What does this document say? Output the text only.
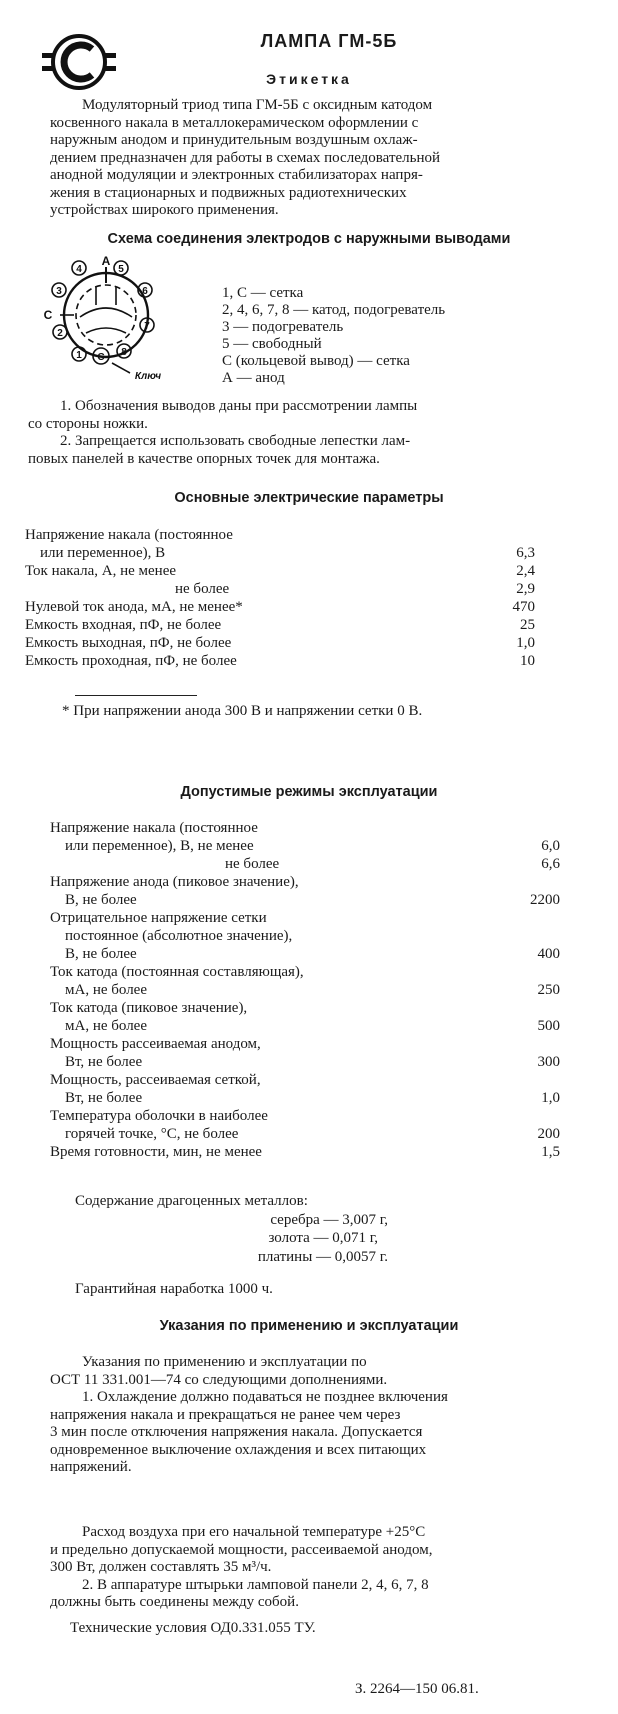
ЛАМПА ГМ-5Б
Этикетка

Модуляторный триод типа ГМ-5Б с оксидным катодом

косвенного накала в металлокерамическом оформлении с

наружным анодом и принудительным воздушным охлаж-

дением предназначен для работы в схемах последовательной

анодной модуляции и электронных стабилизаторах напря-

жения в стационарных и подвижных радиотехнических

устройствах широкого применения.

Схема соединения электродов с наружными выводами
А
С
1
2
3
4	5
6
7
8
С
Ключ
1, С — сетка
2, 4, 6, 7, 8 — катод, подогреватель
3 — подогреватель
5 — свободный
С (кольцевой вывод) — сетка
А — анод

1. Обозначения выводов даны при рассмотрении лампы

со стороны ножки.

2. Запрещается использовать свободные лепестки лам-

повых панелей в качестве опорных точек для монтажа.

Основные электрические параметры
Напряжение накала (постоянное
или переменное), В	6,3
Ток накала, А, не менее	2,4
не более	2,9
Нулевой ток анода, мА, не менее*	470
Емкость входная, пФ, не более	25
Емкость выходная, пФ, не более	1,0
Емкость проходная, пФ, не более	10
* При напряжении анода 300 В и напряжении сетки 0 В.
Допустимые режимы эксплуатации
Напряжение накала (постоянное
или переменное), В, не менее	6,0
не более	6,6
Напряжение анода (пиковое значение),
В, не более	2200
Отрицательное напряжение сетки
постоянное (абсолютное значение),
В, не более	400
Ток катода (постоянная составляющая),
мА, не более	250
Ток катода (пиковое значение),
мА, не более	500
Мощность рассеиваемая анодом,
Вт, не более	300
Мощность, рассеиваемая сеткой,
Вт, не более	1,0
Температура оболочки в наиболее
горячей точке, °С, не более	200
Время готовности, мин, не менее	1,5
Содержание драгоценных металлов:
серебра — 3,007 г,
золота — 0,071 г,
платины — 0,0057 г.
Гарантийная наработка 1000 ч.
Указания по применению и эксплуатации

Указания по применению и эксплуатации по

ОСТ 11 331.001—74 со следующими дополнениями.

1. Охлаждение должно подаваться не позднее включения

напряжения накала и прекращаться не ранее чем через

3 мин после отключения напряжения накала. Допускается

одновременное выключение охлаждения и всех питающих

напряжений.

Расход воздуха при его начальной температуре +25°С

и предельно допускаемой мощности, рассеиваемой анодом,

300 Вт, должен составлять 35 м³/ч.

2. В аппаратуре штырьки ламповой панели 2, 4, 6, 7, 8

должны быть соединены между собой.

Технические условия ОД0.331.055 ТУ.
З. 2264—150 06.81.
